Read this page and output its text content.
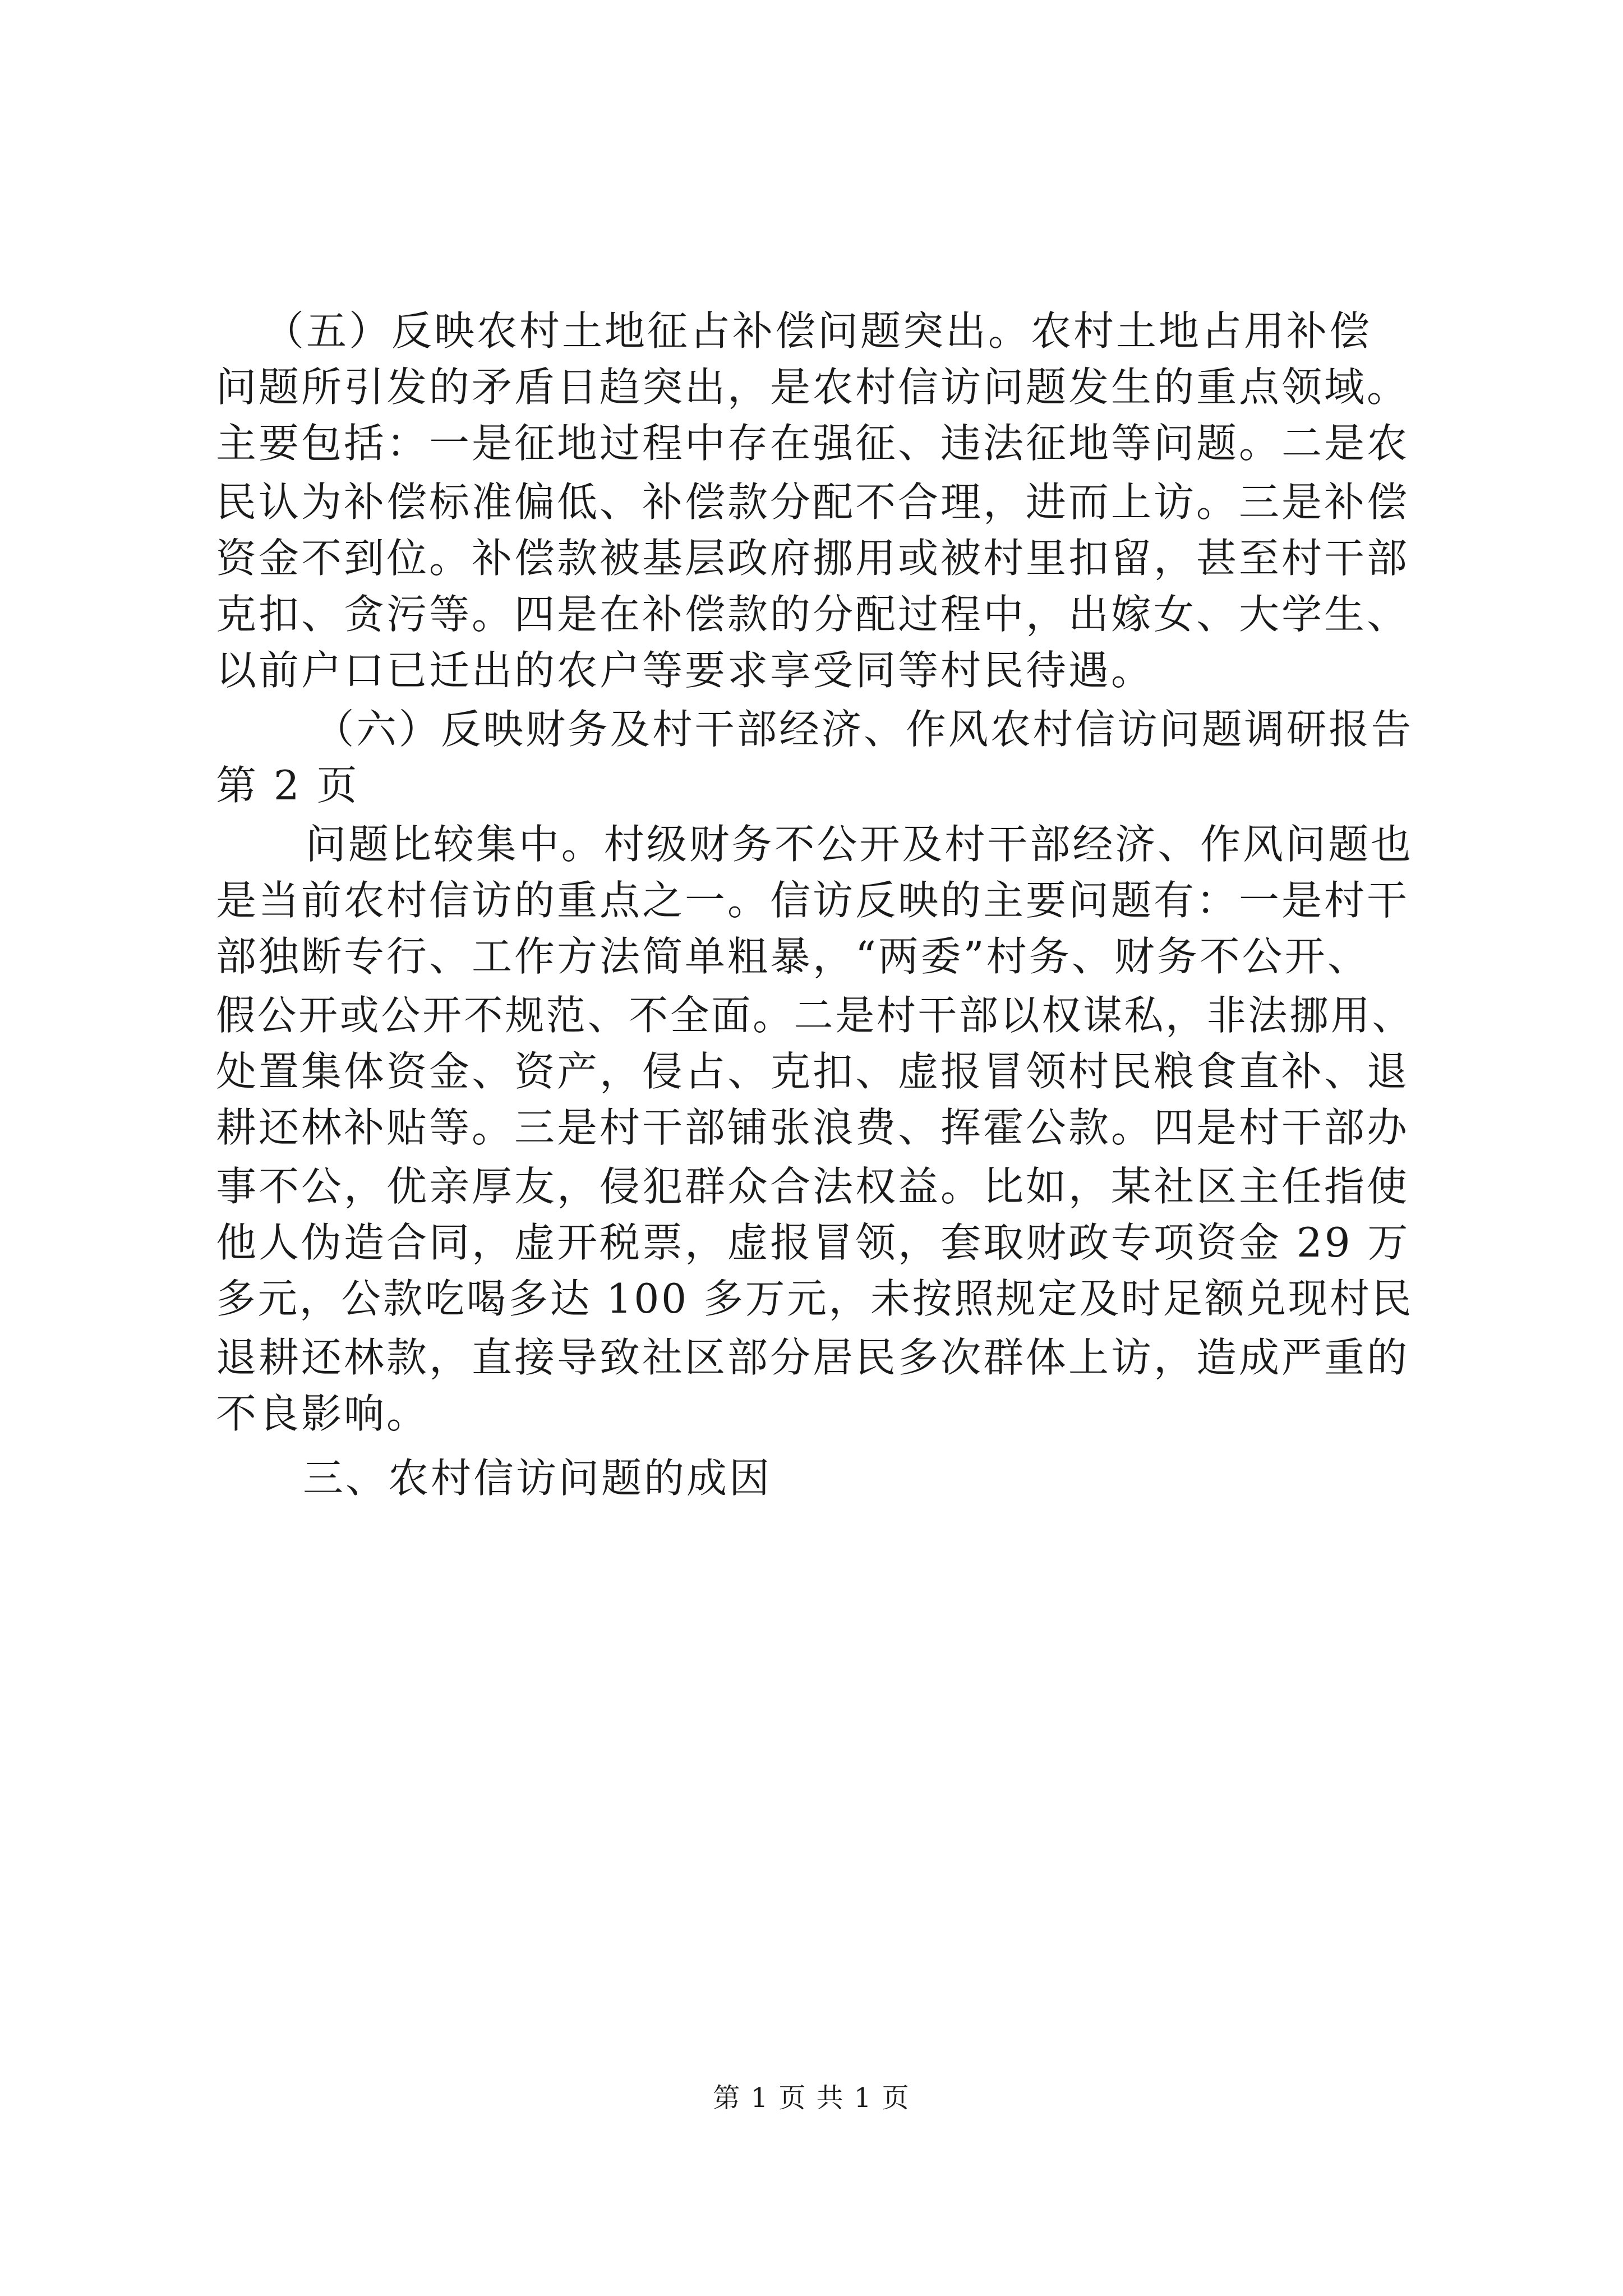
（五）反映农村土地征占补偿问题突出。农村土地占用补偿
问题所引发的矛盾日趋突出，是农村信访问题发生的重点领域。
主要包括：一是征地过程中存在强征、违法征地等问题。二是农
民认为补偿标准偏低、补偿款分配不合理，进而上访。三是补偿
资金不到位。补偿款被基层政府挪用或被村里扣留，甚至村干部
克扣、贪污等。四是在补偿款的分配过程中，出嫁女、大学生、
以前户口已迁出的农户等要求享受同等村民待遇。
（六）反映财务及村干部经济、作风农村信访问题调研报告
第 2 页
问题比较集中。村级财务不公开及村干部经济、作风问题也
是当前农村信访的重点之一。信访反映的主要问题有：一是村干
部独断专行、工作方法简单粗暴，“两委”村务、财务不公开、
假公开或公开不规范、不全面。二是村干部以权谋私，非法挪用、
处置集体资金、资产，侵占、克扣、虚报冒领村民粮食直补、退
耕还林补贴等。三是村干部铺张浪费、挥霍公款。四是村干部办
事不公，优亲厚友，侵犯群众合法权益。比如，某社区主任指使
他人伪造合同，虚开税票，虚报冒领，套取财政专项资金 29 万
多元，公款吃喝多达 100 多万元，未按照规定及时足额兑现村民
退耕还林款，直接导致社区部分居民多次群体上访，造成严重的
不良影响。
三、农村信访问题的成因
第 1 页 共 1 页
